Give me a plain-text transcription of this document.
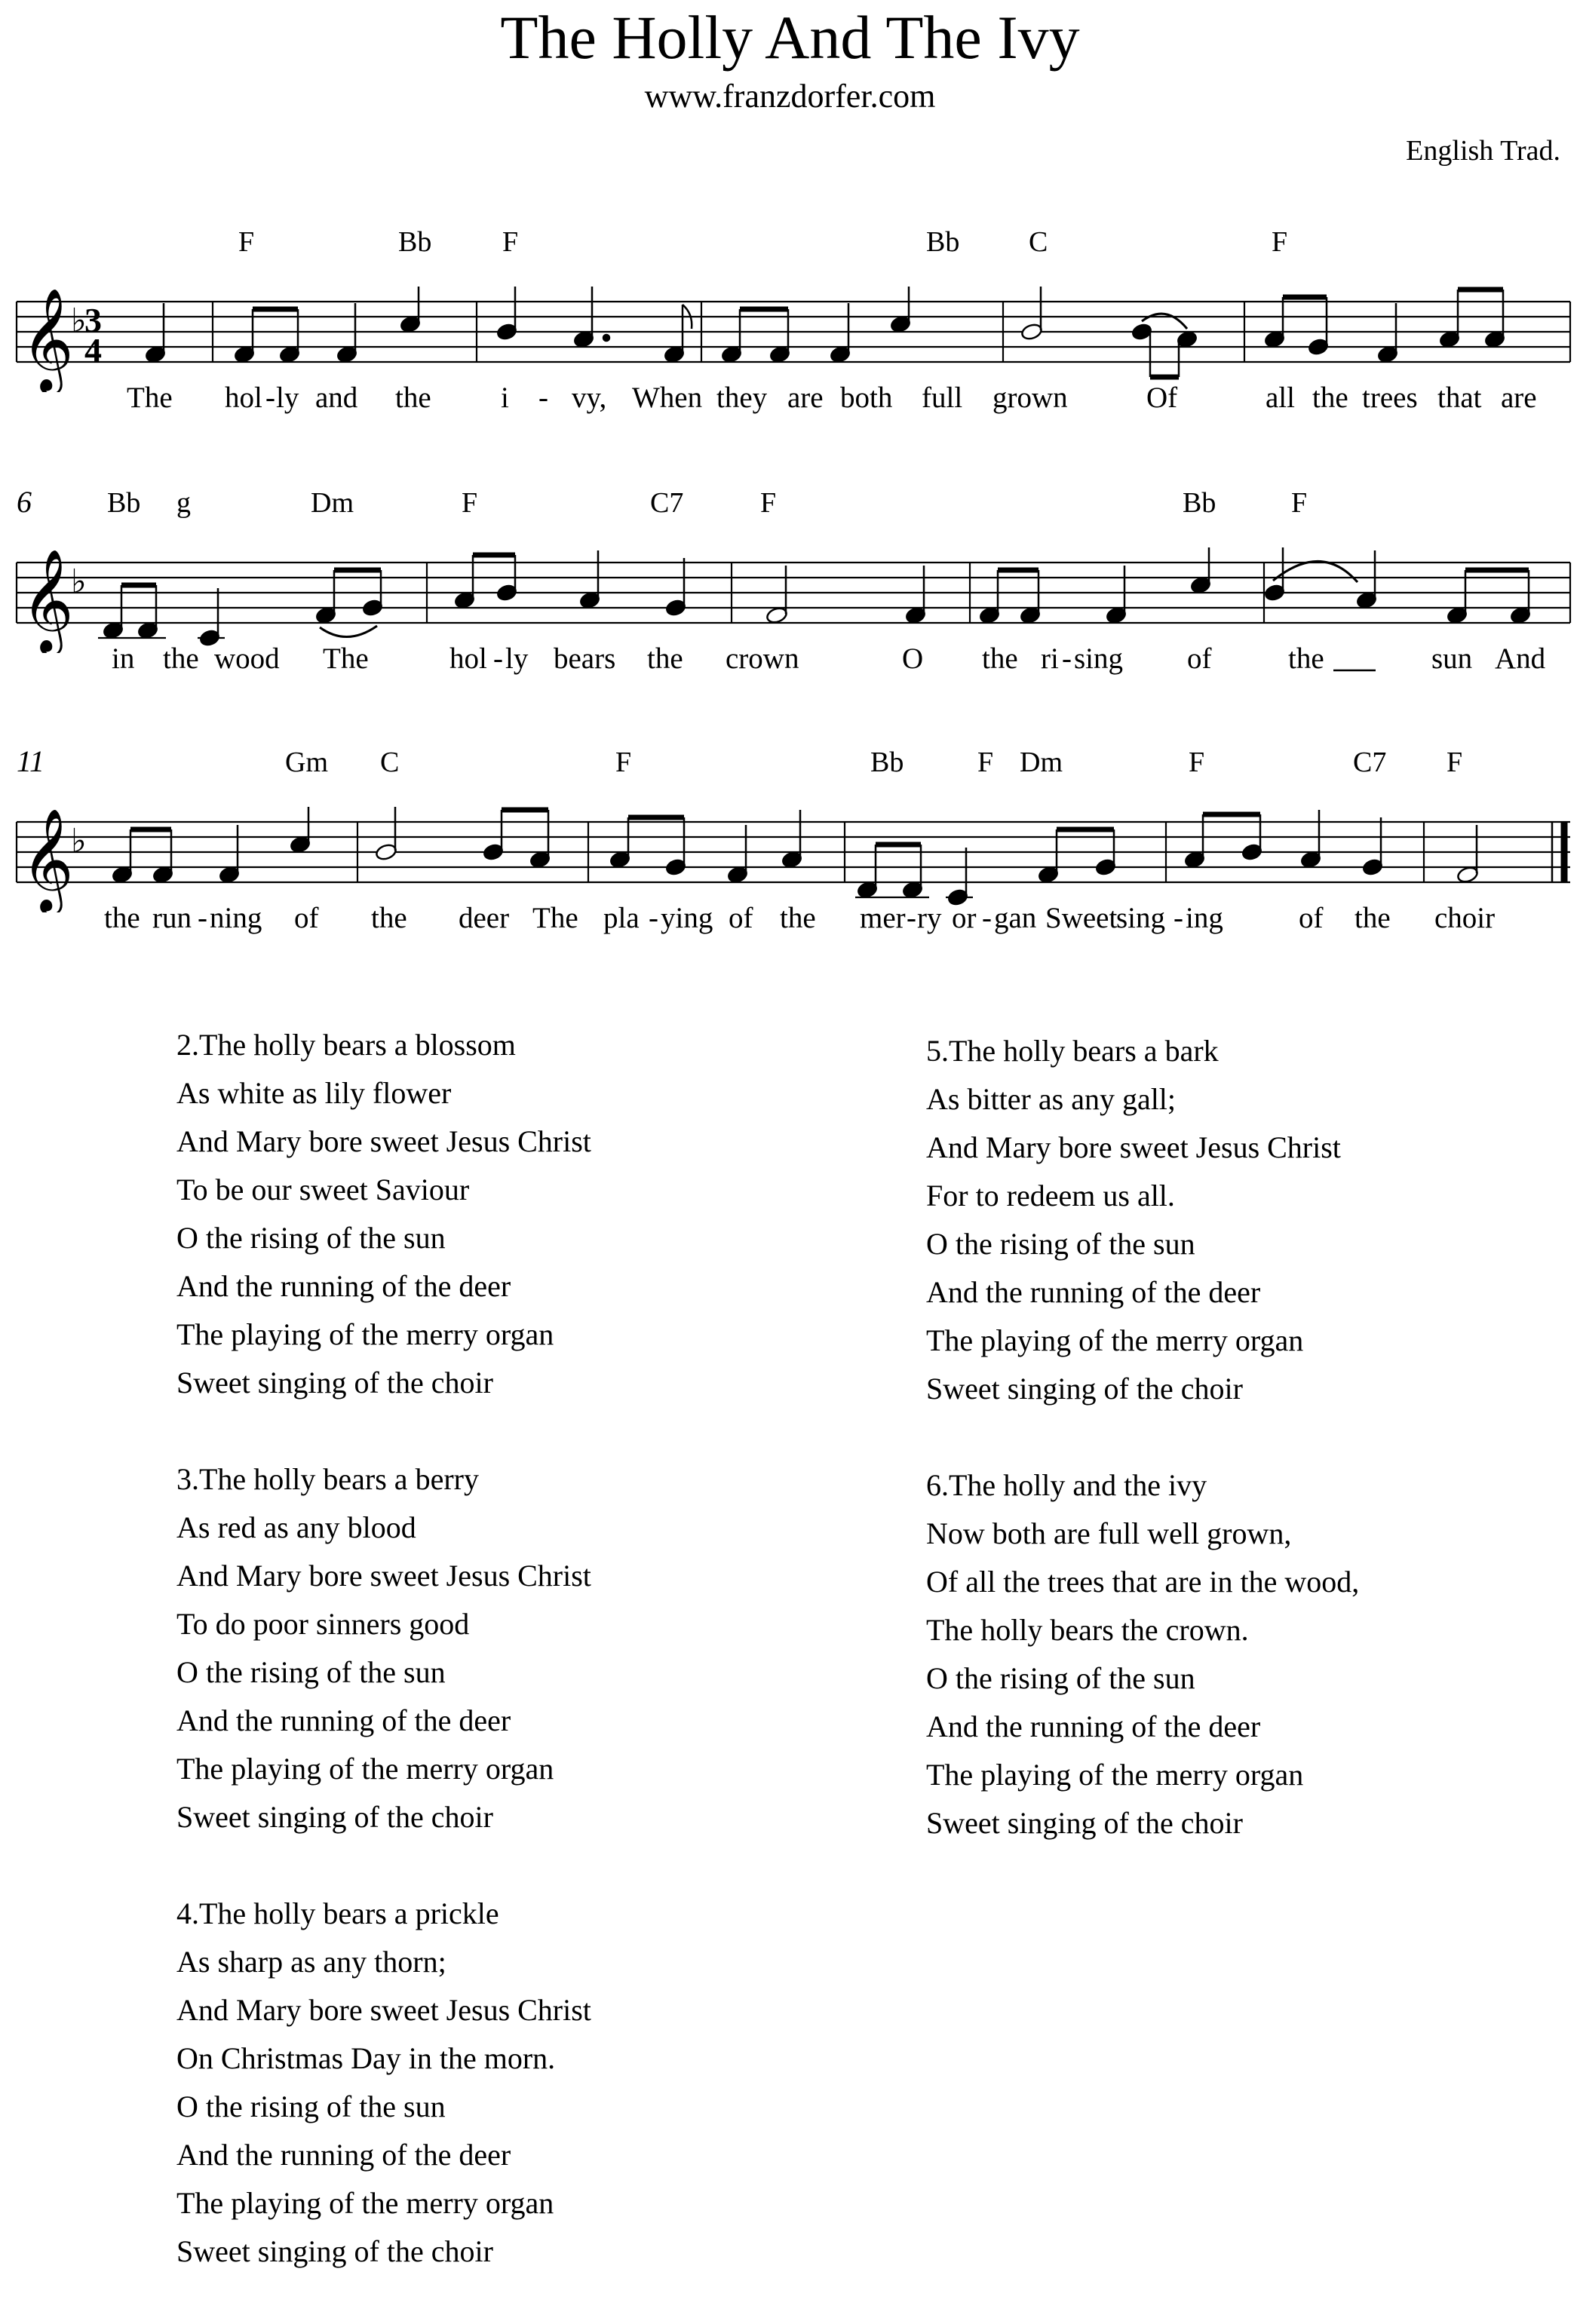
The Holly And The Ivy
www.franzdorfer.com
English Trad.
F	Bb F	Bb C	F
𝄞
♭
3
4
The hol - ly and the i - vy, When they are both full grown	Of	all the trees that are
6	Bb g	Dm	F	C7	F	Bb	F
𝄞
♭
in the wood The	hol - ly bears the crown	O the ri - sing of	the	sun And
11	Gm C	F	Bb	F Dm	F	C7 F
𝄞
♭
the run - ning of the deer The pla - ying of the mer - ry or - gan Sweet
sing - ing	of the choir
2.The holly bears a blossom
As white as lily flower
And Mary bore sweet Jesus Christ
To be our sweet Saviour
O the rising of the sun
And the running of the deer
The playing of the merry organ
Sweet singing of the choir
3.The holly bears a berry
As red as any blood
And Mary bore sweet Jesus Christ
To do poor sinners good
O the rising of the sun
And the running of the deer
The playing of the merry organ
Sweet singing of the choir
4.The holly bears a prickle
As sharp as any thorn;
And Mary bore sweet Jesus Christ
On Christmas Day in the morn.
O the rising of the sun
And the running of the deer
The playing of the merry organ
Sweet singing of the choir
5.The holly bears a bark
As bitter as any gall;
And Mary bore sweet Jesus Christ
For to redeem us all.
O the rising of the sun
And the running of the deer
The playing of the merry organ
Sweet singing of the choir
6.The holly and the ivy
Now both are full well grown,
Of all the trees that are in the wood,
The holly bears the crown.
O the rising of the sun
And the running of the deer
The playing of the merry organ
Sweet singing of the choir
